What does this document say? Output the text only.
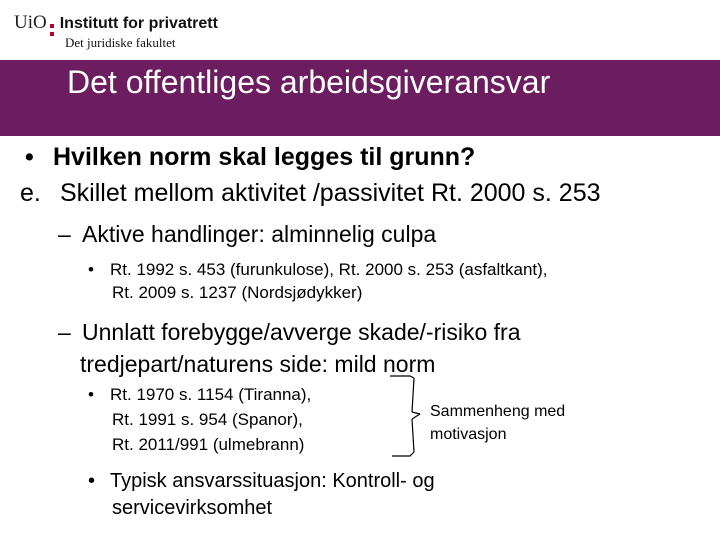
UiO Institutt for privatrett
Det juridiske fakultet
Det offentliges arbeidsgiveransvar
• Hvilken norm skal legges til grunn?
e. Skillet mellom aktivitet /passivitet Rt. 2000 s. 253
– Aktive handlinger: alminnelig culpa
• Rt. 1992 s. 453 (furunkulose), Rt. 2000 s. 253 (asfaltkant),
Rt. 2009 s. 1237 (Nordsjødykker)
– Unnlatt forebygge/avverge skade/-risiko fra
tredjepart/naturens side: mild norm
• Rt. 1970 s. 1154 (Tiranna),
Rt. 1991 s. 954 (Spanor),
Rt. 2011/991 (ulmebrann)
Sammenheng med
motivasjon
• Typisk ansvarssituasjon: Kontroll- og
servicevirksomhet
